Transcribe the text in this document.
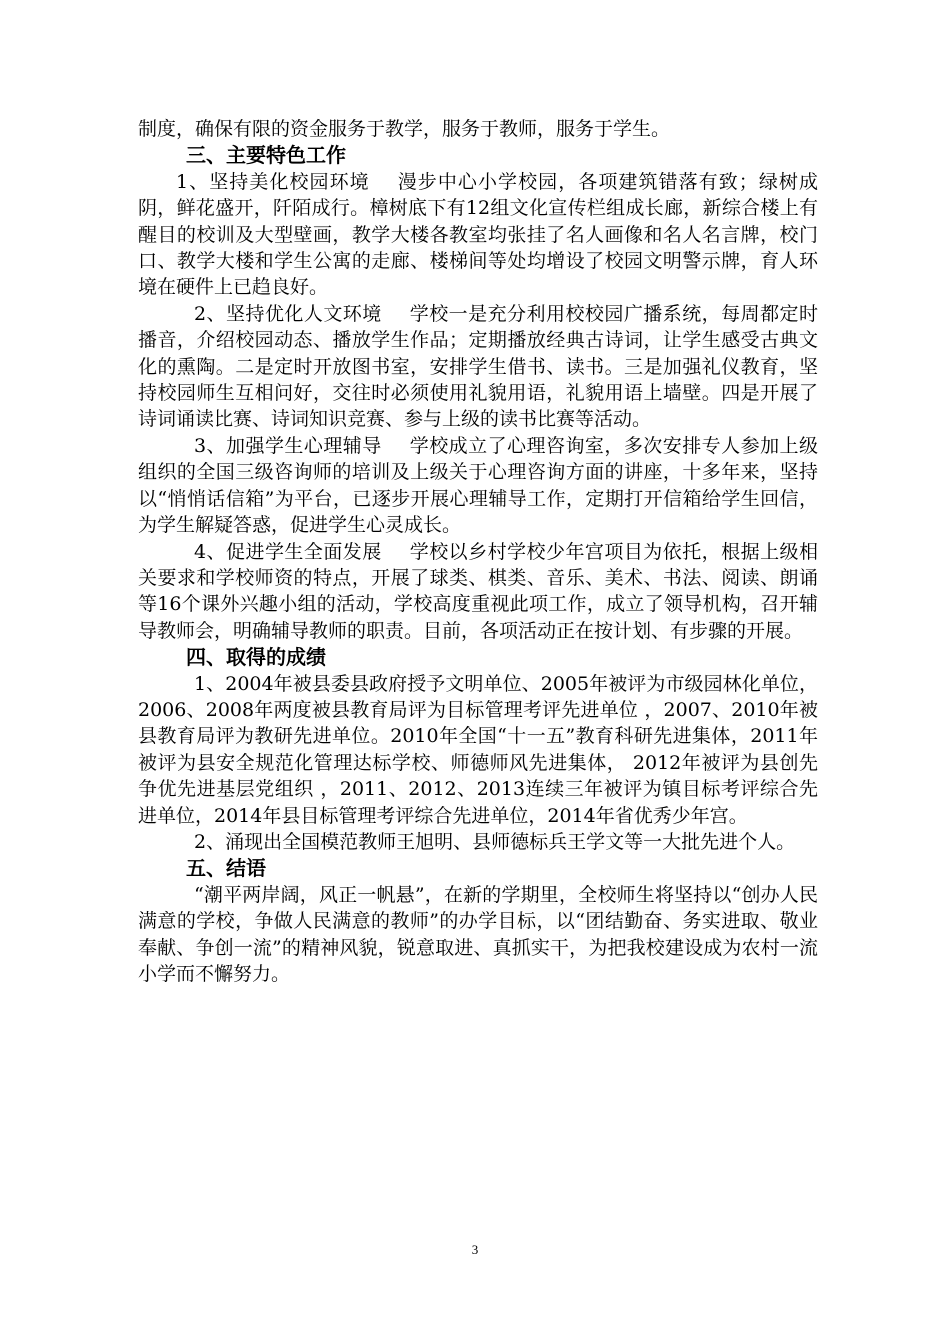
制度，确保有限的资金服务于教学，服务于教师，服务于学生。

三、主要特色工作

1、坚持美化校园环境 漫步中心小学校园，各项建筑错落有致；绿树成阴，鲜花盛开，阡陌成行。樟树底下有12组文化宣传栏组成长廊，新综合楼上有醒目的校训及大型壁画，教学大楼各教室均张挂了名人画像和名人名言牌，校门口、教学大楼和学生公寓的走廊、楼梯间等处均增设了校园文明警示牌，育人环境在硬件上已趋良好。

2、坚持优化人文环境 学校一是充分利用校校园广播系统，每周都定时播音，介绍校园动态、播放学生作品；定期播放经典古诗词，让学生感受古典文化的熏陶。二是定时开放图书室，安排学生借书、读书。三是加强礼仪教育，坚持校园师生互相问好，交往时必须使用礼貌用语，礼貌用语上墙壁。四是开展了诗词诵读比赛、诗词知识竞赛、参与上级的读书比赛等活动。

3、加强学生心理辅导 学校成立了心理咨询室，多次安排专人参加上级组织的全国三级咨询师的培训及上级关于心理咨询方面的讲座，十多年来，坚持以“悄悄话信箱”为平台，已逐步开展心理辅导工作，定期打开信箱给学生回信，为学生解疑答惑，促进学生心灵成长。

4、促进学生全面发展 学校以乡村学校少年宫项目为依托，根据上级相关要求和学校师资的特点，开展了球类、棋类、音乐、美术、书法、阅读、朗诵等16个课外兴趣小组的活动，学校高度重视此项工作，成立了领导机构，召开辅导教师会，明确辅导教师的职责。目前，各项活动正在按计划、有步骤的开展。

四、取得的成绩

1、2004年被县委县政府授予文明单位、2005年被评为市级园林化单位，2006、2008年两度被县教育局评为目标管理考评先进单位 ，2007、2010年被县教育局评为教研先进单位。2010年全国“十一五”教育科研先进集体，2011年被评为县安全规范化管理达标学校、师德师风先进集体， 2012年被评为县创先争优先进基层党组织 ，2011、2012、2013连续三年被评为镇目标考评综合先进单位，2014年县目标管理考评综合先进单位，2014年省优秀少年宫。

2、涌现出全国模范教师王旭明、县师德标兵王学文等一大批先进个人。

五、结语

“潮平两岸阔，风正一帆悬”，在新的学期里，全校师生将坚持以“创办人民满意的学校，争做人民满意的教师”的办学目标，以“团结勤奋、务实进取、敬业奉献、争创一流”的精神风貌，锐意取进、真抓实干，为把我校建设成为农村一流小学而不懈努力。

3
